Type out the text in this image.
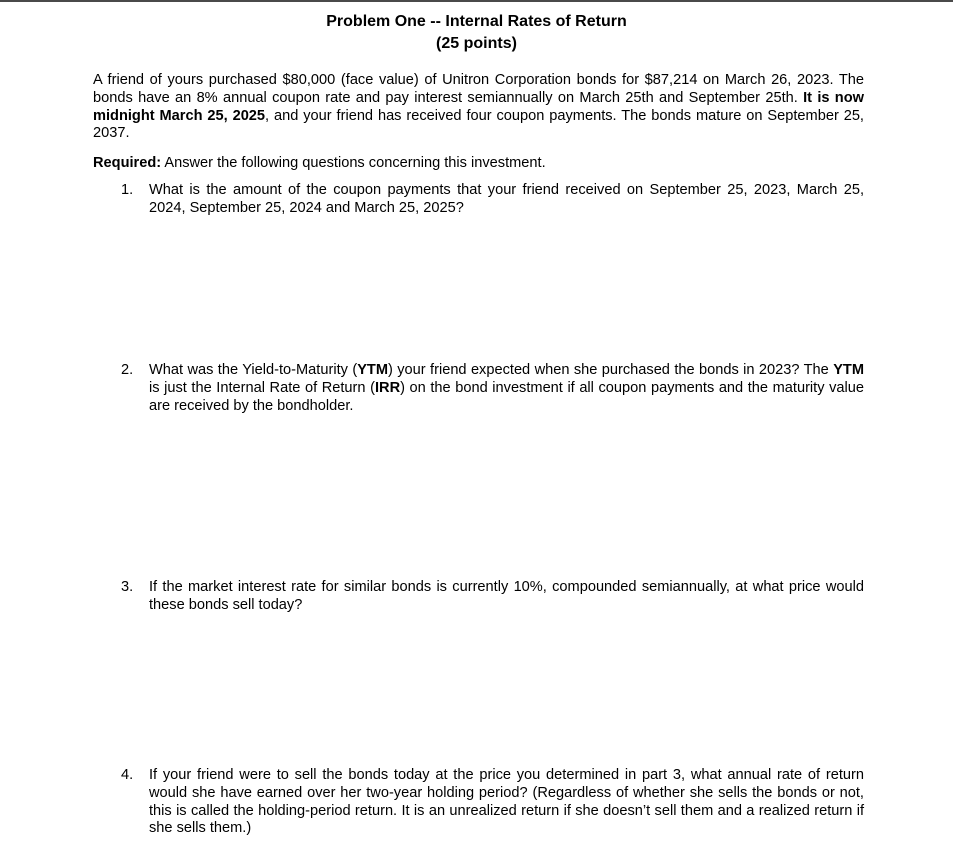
Problem One -- Internal Rates of Return
(25 points)
A friend of yours purchased $80,000 (face value) of Unitron Corporation bonds for $87,214 on March 26, 2023. The bonds have an 8% annual coupon rate and pay interest semiannually on March 25th and September 25th. It is now midnight March 25, 2025, and your friend has received four coupon payments. The bonds mature on September 25, 2037.
Required: Answer the following questions concerning this investment.
1.	What is the amount of the coupon payments that your friend received on September 25, 2023, March 25, 2024, September 25, 2024 and March 25, 2025?
2.	What was the Yield-to-Maturity (YTM) your friend expected when she purchased the bonds in 2023? The YTM is just the Internal Rate of Return (IRR) on the bond investment if all coupon payments and the maturity value are received by the bondholder.
3.	If the market interest rate for similar bonds is currently 10%, compounded semiannually, at what price would these bonds sell today?
4.	If your friend were to sell the bonds today at the price you determined in part 3, what annual rate of return would she have earned over her two-year holding period? (Regardless of whether she sells the bonds or not, this is called the holding-period return. It is an unrealized return if she doesn’t sell them and a realized return if she sells them.)
